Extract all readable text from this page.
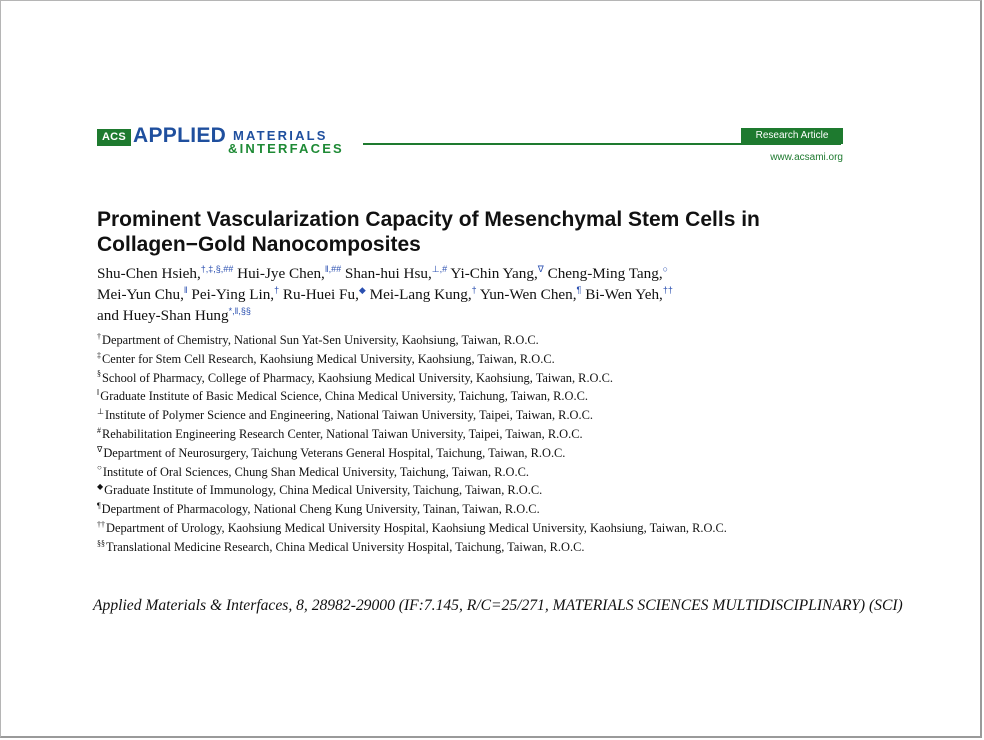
ACS APPLIED MATERIALS
&INTERFACES
Research Article
www.acsami.org
Prominent Vascularization Capacity of Mesenchymal Stem Cells in Collagen−Gold Nanocomposites
Shu-Chen Hsieh,†,‡,§,## Hui-Jye Chen,‖,## Shan-hui Hsu,⊥,# Yi-Chin Yang,∇ Cheng-Ming Tang,○
Mei-Yun Chu,‖ Pei-Ying Lin,† Ru-Huei Fu,◆ Mei-Lang Kung,† Yun-Wen Chen,¶ Bi-Wen Yeh,††
and Huey-Shan Hung*,‖,§§
†Department of Chemistry, National Sun Yat-Sen University, Kaohsiung, Taiwan, R.O.C.
‡Center for Stem Cell Research, Kaohsiung Medical University, Kaohsiung, Taiwan, R.O.C.
§School of Pharmacy, College of Pharmacy, Kaohsiung Medical University, Kaohsiung, Taiwan, R.O.C.
‖Graduate Institute of Basic Medical Science, China Medical University, Taichung, Taiwan, R.O.C.
⊥Institute of Polymer Science and Engineering, National Taiwan University, Taipei, Taiwan, R.O.C.
#Rehabilitation Engineering Research Center, National Taiwan University, Taipei, Taiwan, R.O.C.
∇Department of Neurosurgery, Taichung Veterans General Hospital, Taichung, Taiwan, R.O.C.
○Institute of Oral Sciences, Chung Shan Medical University, Taichung, Taiwan, R.O.C.
◆Graduate Institute of Immunology, China Medical University, Taichung, Taiwan, R.O.C.
¶Department of Pharmacology, National Cheng Kung University, Tainan, Taiwan, R.O.C.
††Department of Urology, Kaohsiung Medical University Hospital, Kaohsiung Medical University, Kaohsiung, Taiwan, R.O.C.
§§Translational Medicine Research, China Medical University Hospital, Taichung, Taiwan, R.O.C.
Applied Materials & Interfaces, 8, 28982-29000 (IF:7.145, R/C=25/271, MATERIALS SCIENCES MULTIDISCIPLINARY) (SCI)
